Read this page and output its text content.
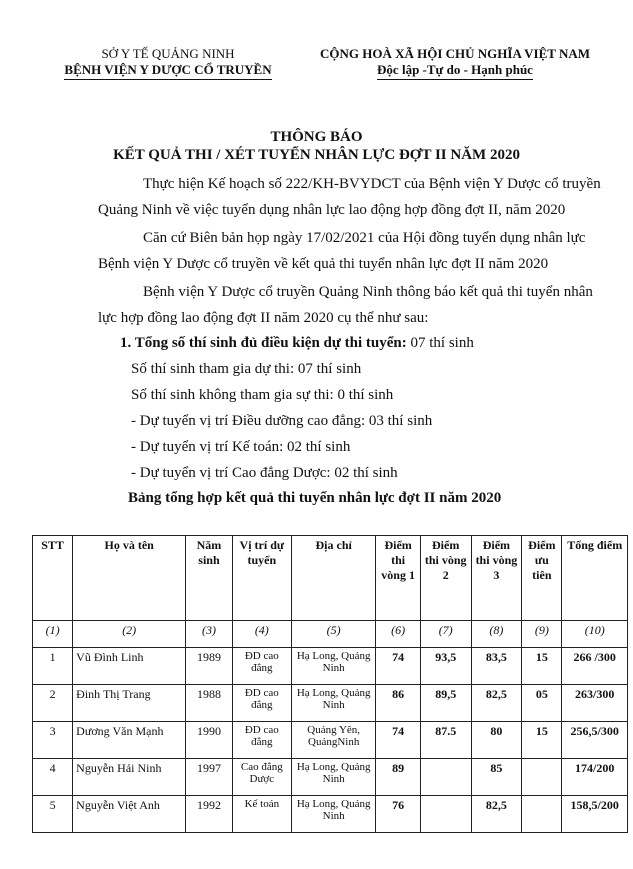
SỞ Y TẾ QUẢNG NINH
BỆNH VIỆN Y DƯỢC CỔ TRUYỀN
CỘNG HOÀ XÃ HỘI CHỦ NGHĨA VIỆT NAM
Độc lập -Tự do - Hạnh phúc
THÔNG BÁO
KẾT QUẢ THI / XÉT TUYỂN NHÂN LỰC ĐỢT II NĂM 2020
Thực hiện Kế hoạch số 222/KH-BVYDCT của Bệnh viện Y Dược cổ truyền
Quảng Ninh về việc tuyển dụng nhân lực lao động hợp đồng đợt II, năm 2020
Căn cứ Biên bản họp ngày 17/02/2021 của Hội đồng tuyển dụng nhân lực
Bệnh viện Y Dược cổ truyền về kết quả thi tuyển nhân lực đợt II năm 2020
Bệnh viện Y Dược cổ truyền Quảng Ninh thông báo kết quả thi tuyển nhân
lực hợp đồng lao động đợt II năm 2020 cụ thể như sau:
1. Tổng số thí sinh đủ điều kiện dự thi tuyển: 07 thí sinh
Số thí sinh tham gia dự thi: 07 thí sinh
Số thí sinh không tham gia sự thi: 0 thí sinh
- Dự tuyển vị trí Điều dưỡng cao đẳng: 03 thí sinh
- Dự tuyển vị trí Kế toán: 02 thí sinh
- Dự tuyển vị trí Cao đẳng Dược: 02 thí sinh
Bảng tổng hợp kết quả thi tuyển nhân lực đợt II năm 2020
STT	Họ và tên	Năm sinh	Vị trí dự tuyển	Địa chỉ	Điểm thi vòng 1	Điểm thi vòng 2	Điểm thi vòng 3	Điểm ưu tiên	Tổng điểm
(1)	(2)	(3)	(4)	(5)	(6)	(7)	(8)	(9)	(10)
1	Vũ Đình Linh	1989	ĐD cao đẳng	Hạ Long, Quảng Ninh	74	93,5	83,5	15	266 /300
2	Đinh Thị Trang	1988	ĐD cao đẳng	Hạ Long, Quảng Ninh	86	89,5	82,5	05	263/300
3	Dương Văn Mạnh	1990	ĐD cao đẳng	Quảng Yên, QuảngNinh	74	87.5	80	15	256,5/300
4	Nguyễn Hải Ninh	1997	Cao đẳng Dược	Hạ Long, Quảng Ninh	89		85		174/200
5	Nguyễn Việt Anh	1992	Kế toán	Hạ Long, Quảng Ninh	76		82,5		158,5/200
